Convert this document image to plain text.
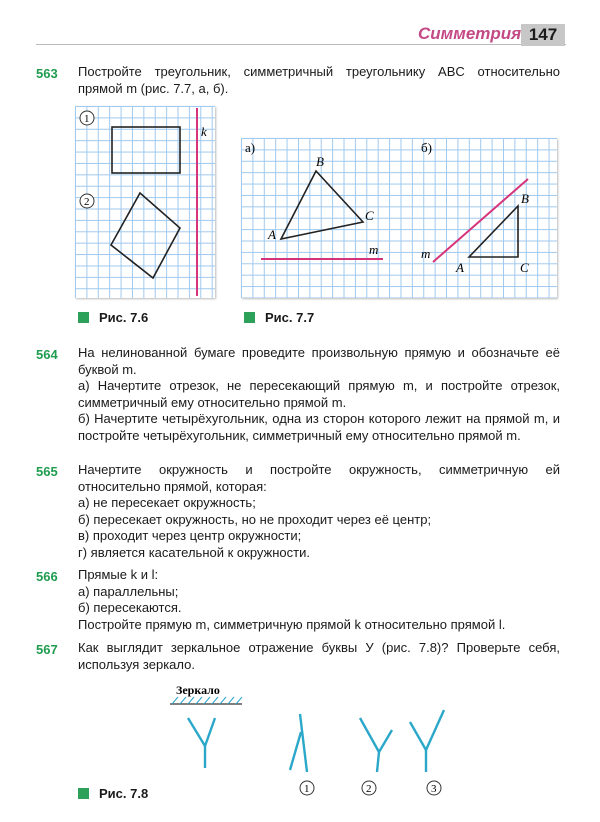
Симметрия 147
563 Постройте треугольник, симметричный треугольнику ABC относительно прямой m (рис. 7.7, a, б).

k
1
2
Рис. 7.6
а)	б)
A
B
C
m	m
A
B
C
Рис. 7.7
564 На нелинованной бумаге проведите произвольную прямую и обозначьте её буквой m.

а) Начертите отрезок, не пересекающий прямую m, и постройте отрезок, симметричный ему относительно прямой m.

б) Начертите четырёхугольник, одна из сторон которого лежит на прямой m, и постройте четырёхугольник, симметричный ему относительно прямой m.

565 Начертите окружность и постройте окружность, симметричную ей относительно прямой, которая:

а) не пересекает окружность;

б) пересекает окружность, но не проходит через её центр;

в) проходит через центр окружности;

г) является касательной к окружности.

566 Прямые k и l:

а) параллельны;

б) пересекаются.

Постройте прямую m, симметричную прямой k относительно прямой l.

567 Как выглядит зеркальное отражение буквы У (рис. 7.8)? Проверьте себя, используя зеркало.

Зеркало
1	2	3
Рис. 7.8
